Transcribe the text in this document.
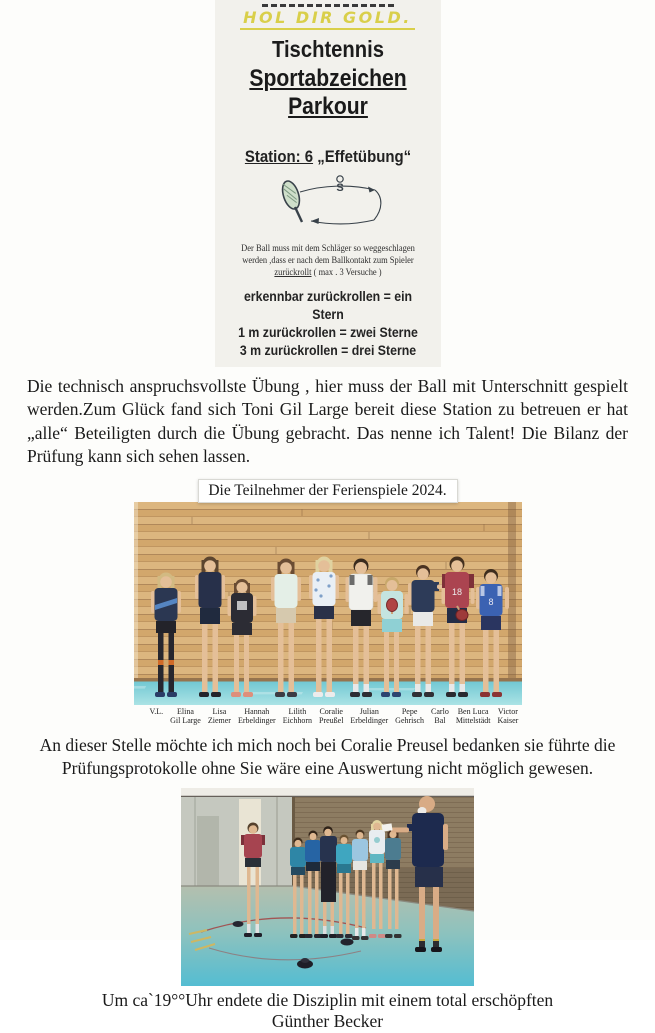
HOL DIR GOLD.
Tischtennis
Sportabzeichen Parkour
Station: 6 „Effetübung“
S
Der Ball muss mit dem Schläger so weggeschlagen
werden ,dass er nach dem Ballkontakt zum Spieler
zurückrollt ( max . 3 Versuche )
erkennbar zurückrollen = ein Stern
1 m zurückrollen = zwei Sterne
3 m zurückrollen = drei Sterne

Die technisch anspruchsvollste Übung , hier muss der Ball mit Unterschnitt gespielt werden.Zum Glück fand sich Toni Gil Large bereit diese Station zu betreuen er hat „alle“ Beteiligten durch die Übung gebracht. Das nenne ich Talent! Die Bilanz der Prüfung kann sich sehen lassen.

Die Teilnehmer der Ferienspiele 2024.
18
8
V.L.
	Elina
Gil Large
Lisa
Ziemer
Hannah
Erbeldinger
Lilith
Eichhorn
Coralie
Preußel
Julian
Erbeldinger
Pepe
Gehrisch
Carlo
Bal
Ben Luca
Mittelstädt
Victor
Kaiser

An dieser Stelle möchte ich mich noch bei Coralie Preusel bedanken sie führte die Prüfungsprotokolle ohne Sie wäre eine Auswertung nicht möglich gewesen.

Um ca`19°°Uhr endete die Disziplin mit einem total erschöpften
Günther Becker
